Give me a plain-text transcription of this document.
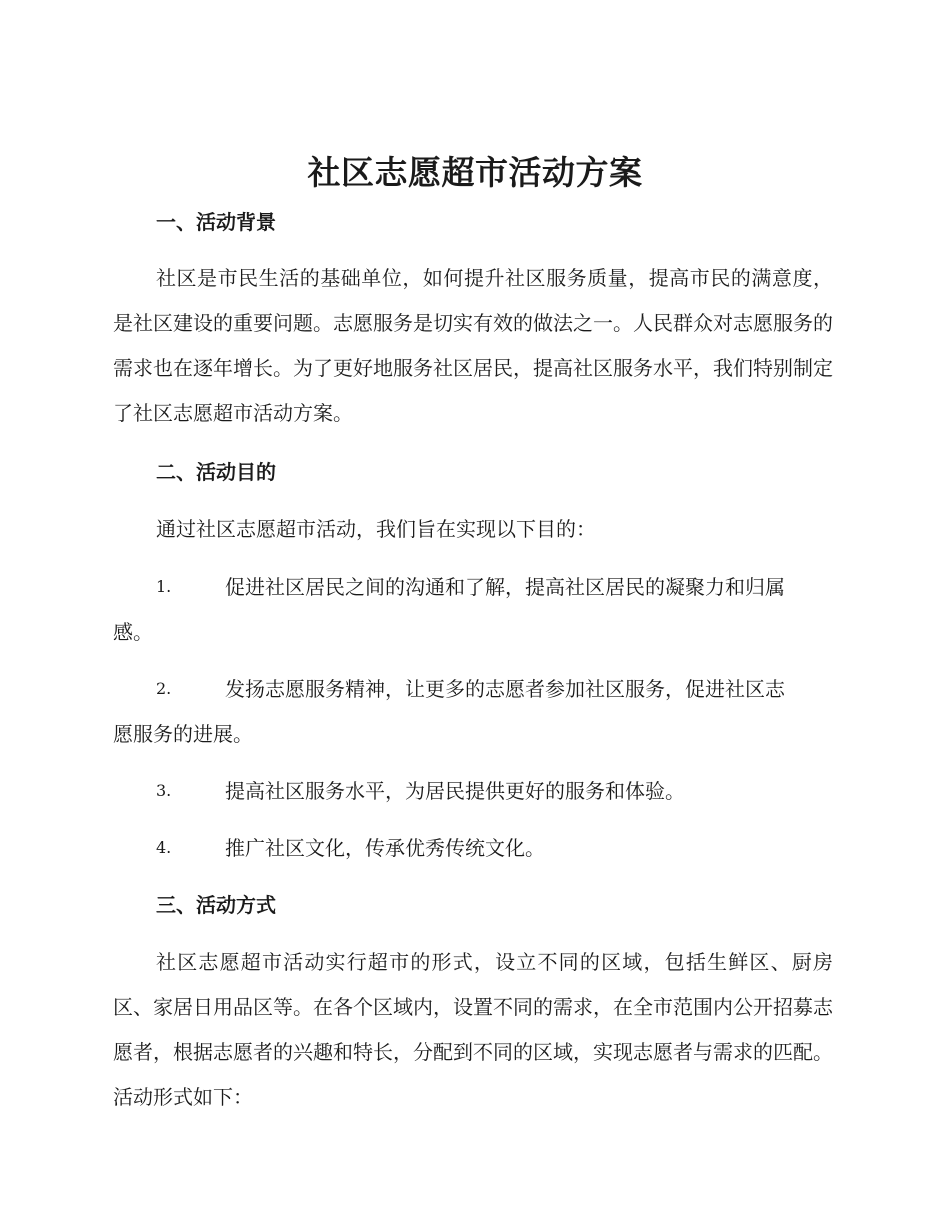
社区志愿超市活动方案
一、活动背景
社区是市民生活的基础单位，如何提升社区服务质量，提高市民的满意度，是社区建设的重要问题。志愿服务是切实有效的做法之一。人民群众对志愿服务的需求也在逐年增长。为了更好地服务社区居民，提高社区服务水平，我们特别制定了社区志愿超市活动方案。
二、活动目的
通过社区志愿超市活动，我们旨在实现以下目的：
1.	促进社区居民之间的沟通和了解，提高社区居民的凝聚力和归属
感。
2.	发扬志愿服务精神，让更多的志愿者参加社区服务，促进社区志
愿服务的进展。
3.	提高社区服务水平，为居民提供更好的服务和体验。
4.	推广社区文化，传承优秀传统文化。
三、活动方式
社区志愿超市活动实行超市的形式，设立不同的区域，包括生鲜区、厨房区、家居日用品区等。在各个区域内，设置不同的需求，在全市范围内公开招募志愿者，根据志愿者的兴趣和特长，分配到不同的区域，实现志愿者与需求的匹配。活动形式如下：
